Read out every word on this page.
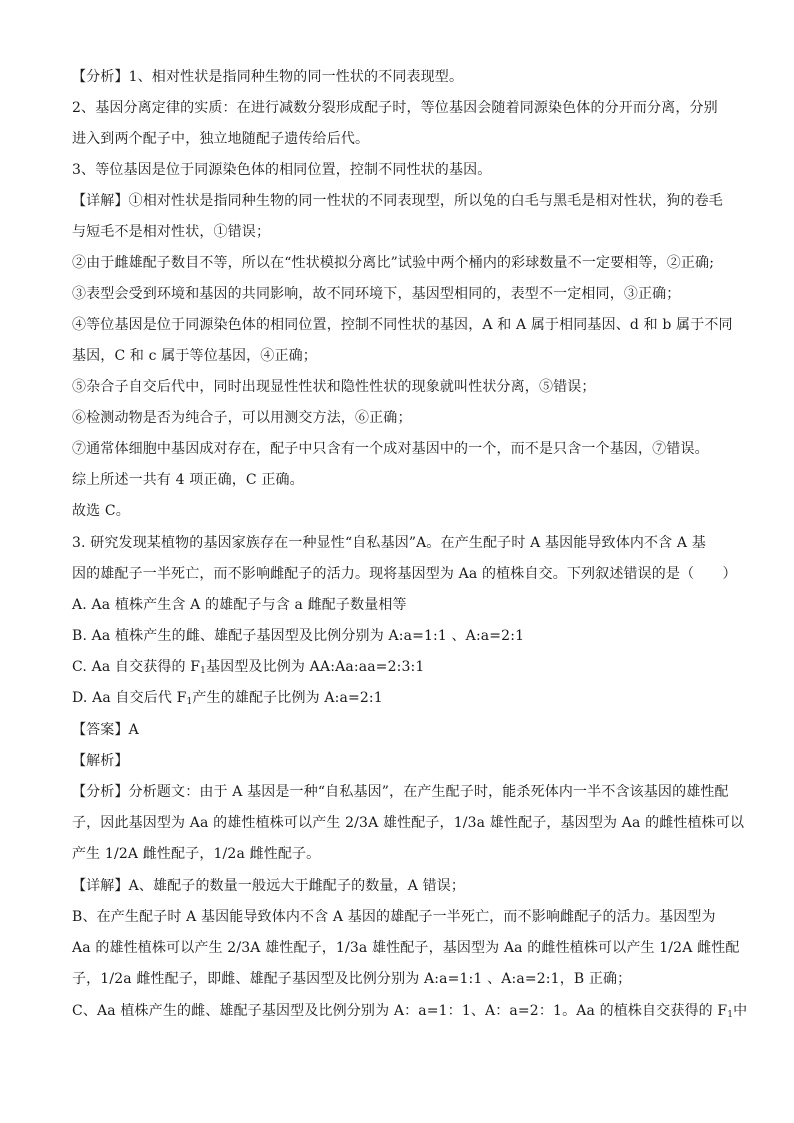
【分析】1、相对性状是指同种生物的同一性状的不同表现型。
2、基因分离定律的实质：在进行减数分裂形成配子时，等位基因会随着同源染色体的分开而分离，分别
进入到两个配子中，独立地随配子遗传给后代。
3、等位基因是位于同源染色体的相同位置，控制不同性状的基因。
【详解】①相对性状是指同种生物的同一性状的不同表现型，所以兔的白毛与黑毛是相对性状，狗的卷毛
与短毛不是相对性状，①错误；
②由于雌雄配子数目不等，所以在“性状模拟分离比”试验中两个桶内的彩球数量不一定要相等，②正确;
③表型会受到环境和基因的共同影响，故不同环境下，基因型相同的，表型不一定相同，③正确；
④等位基因是位于同源染色体的相同位置，控制不同性状的基因，A 和 A 属于相同基因、d 和 b 属于不同
基因，C 和 c 属于等位基因，④正确；
⑤杂合子自交后代中，同时出现显性性状和隐性性状的现象就叫性状分离，⑤错误；
⑥检测动物是否为纯合子，可以用测交方法，⑥正确；
⑦通常体细胞中基因成对存在，配子中只含有一个成对基因中的一个，而不是只含一个基因，⑦错误。
综上所述一共有 4 项正确，C 正确。
故选 C。
3. 研究发现某植物的基因家族存在一种显性“自私基因”A。在产生配子时 A 基因能导致体内不含 A 基
因的雄配子一半死亡，而不影响雌配子的活力。现将基因型为 Aa 的植株自交。下列叙述错误的是（　　）
A. Aa 植株产生含 A 的雄配子与含 a 雌配子数量相等
B. Aa 植株产生的雌、雄配子基因型及比例分别为 A:a=1:1 、A:a=2:1
C. Aa 自交获得的 $F_1$基因型及比例为 AA:Aa:aa=2:3:1
D. Aa 自交后代 $F_1$产生的雄配子比例为 A:a=2:1
【答案】A
【解析】
【分析】分析题文：由于 A 基因是一种“自私基因”，在产生配子时，能杀死体内一半不含该基因的雄性配
子，因此基因型为 Aa 的雄性植株可以产生 2/3A 雄性配子，1/3a 雄性配子，基因型为 Aa 的雌性植株可以
产生 1/2A 雌性配子，1/2a 雌性配子。
【详解】A、雄配子的数量一般远大于雌配子的数量，A 错误；
B、在产生配子时 A 基因能导致体内不含 A 基因的雄配子一半死亡，而不影响雌配子的活力。基因型为
Aa 的雄性植株可以产生 2/3A 雄性配子，1/3a 雄性配子，基因型为 Aa 的雌性植株可以产生 1/2A 雌性配
子，1/2a 雌性配子，即雌、雄配子基因型及比例分别为 A:a=1:1 、A:a=2:1，B 正确；
C、Aa 植株产生的雌、雄配子基因型及比例分别为 A：a=1：1、A：a=2：1。Aa 的植株自交获得的 $F_1$中
